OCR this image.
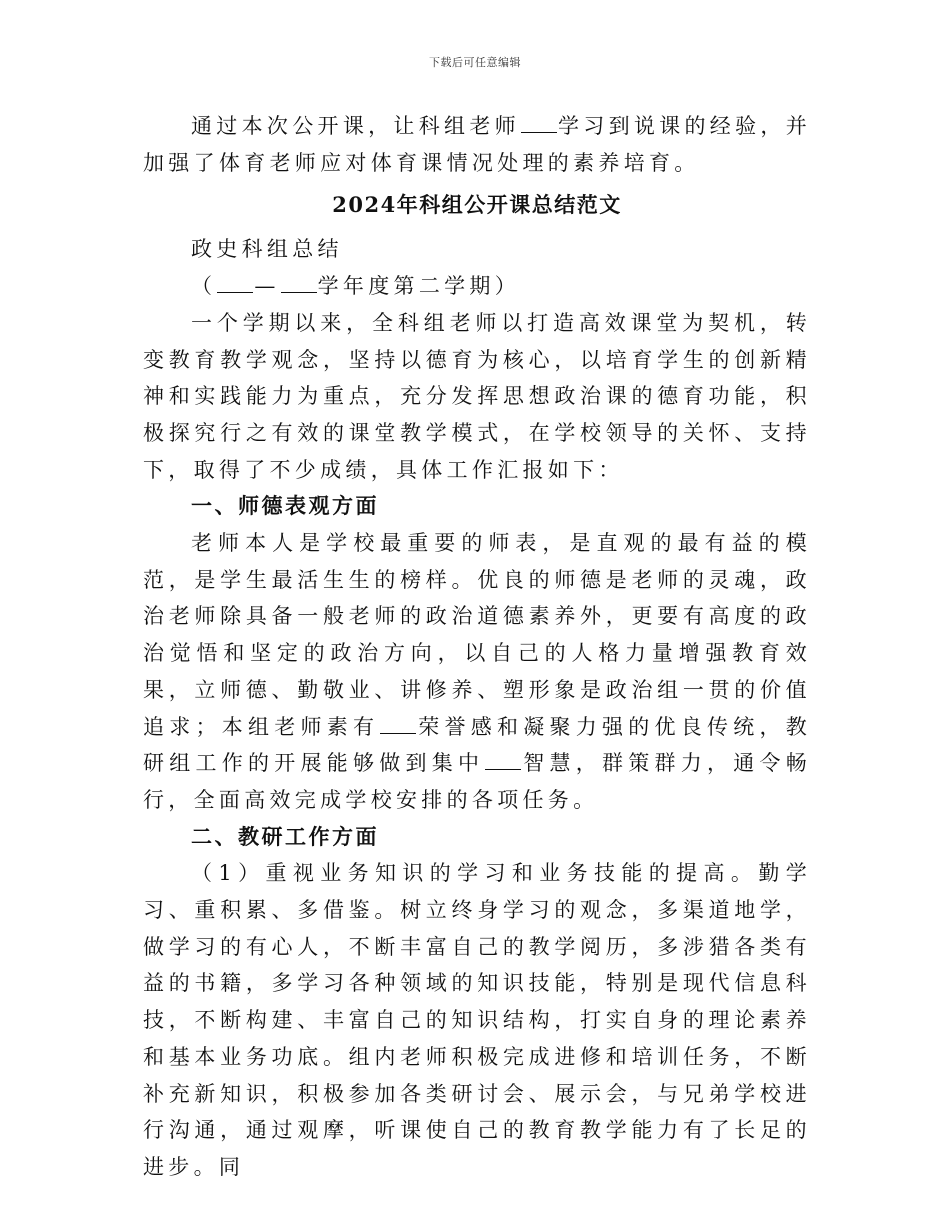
下载后可任意编辑

通过本次公开课，让科组老师 学习到说课的经验，并加强了体育老师应对体育课情况处理的素养培育。

2024年科组公开课总结范文

政史科组总结

（ — 学年度第二学期）

一个学期以来，全科组老师以打造高效课堂为契机，转变教育教学观念，坚持以德育为核心，以培育学生的创新精神和实践能力为重点，充分发挥思想政治课的德育功能，积极探究行之有效的课堂教学模式，在学校领导的关怀、支持下，取得了不少成绩，具体工作汇报如下：

一、师德表观方面

老师本人是学校最重要的师表，是直观的最有益的模范，是学生最活生生的榜样。优良的师德是老师的灵魂，政治老师除具备一般老师的政治道德素养外，更要有高度的政治觉悟和坚定的政治方向，以自己的人格力量增强教育效果，立师德、勤敬业、讲修养、塑形象是政治组一贯的价值追求；本组老师素有 荣誉感和凝聚力强的优良传统，教研组工作的开展能够做到集中 智慧，群策群力，通令畅行，全面高效完成学校安排的各项任务。

二、教研工作方面

（1）重视业务知识的学习和业务技能的提高。勤学习、重积累、多借鉴。树立终身学习的观念，多渠道地学，做学习的有心人，不断丰富自己的教学阅历，多涉猎各类有益的书籍，多学习各种领域的知识技能，特别是现代信息科技，不断构建、丰富自己的知识结构，打实自身的理论素养和基本业务功底。组内老师积极完成进修和培训任务，不断补充新知识，积极参加各类研讨会、展示会，与兄弟学校进行沟通，通过观摩，听课使自己的教育教学能力有了长足的进步。同
